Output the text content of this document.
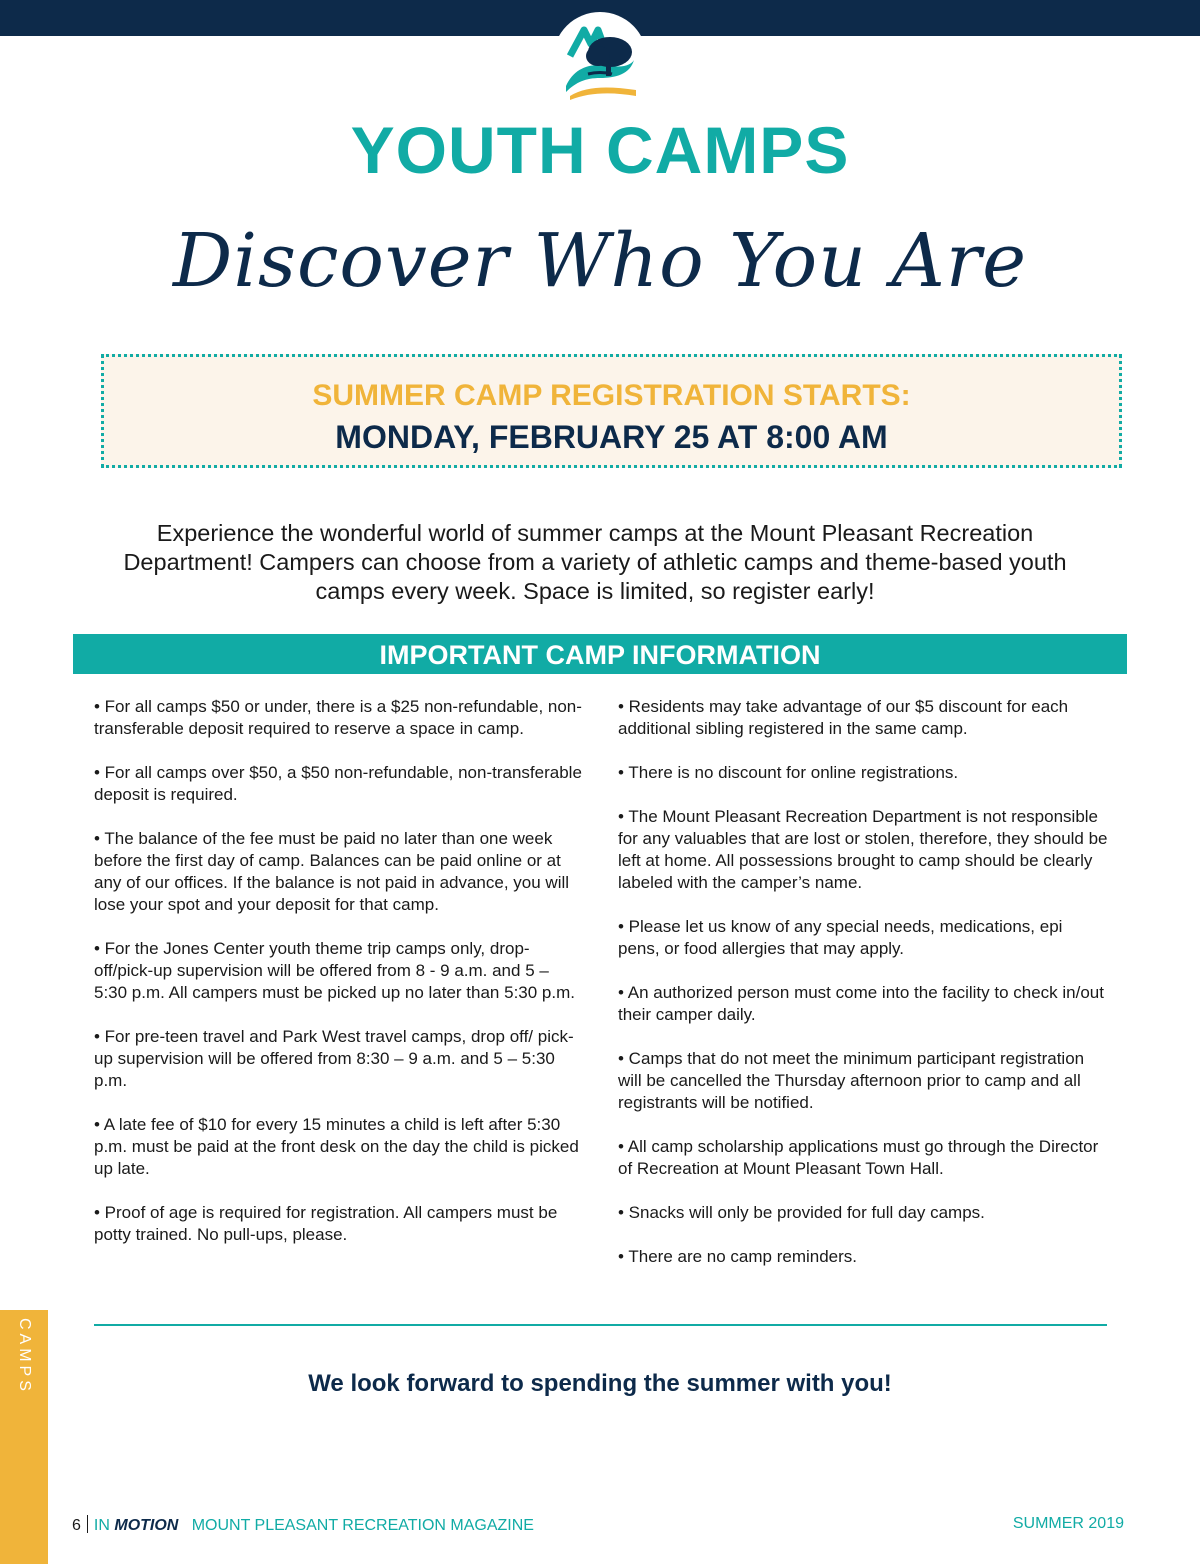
YOUTH CAMPS
Discover Who You Are
SUMMER CAMP REGISTRATION STARTS:
MONDAY, FEBRUARY 25 AT 8:00 AM
Experience the wonderful world of summer camps at the Mount Pleasant Recreation Department! Campers can choose from a variety of athletic camps and theme-based youth camps every week. Space is limited, so register early!
IMPORTANT CAMP INFORMATION

• For all camps $50 or under, there is a $25 non-refundable, non-transferable deposit required to reserve a space in camp.

• For all camps over $50, a $50 non-refundable, non-transferable deposit is required.

• The balance of the fee must be paid no later than one week before the first day of camp. Balances can be paid online or at any of our offices. If the balance is not paid in advance, you will lose your spot and your deposit for that camp.

• For the Jones Center youth theme trip camps only, drop-off/pick-up supervision will be offered from 8 - 9 a.m. and 5 – 5:30 p.m. All campers must be picked up no later than 5:30 p.m.

• For pre-teen travel and Park West travel camps, drop off/ pick-up supervision will be offered from 8:30 – 9 a.m. and 5 – 5:30 p.m.

• A late fee of $10 for every 15 minutes a child is left after 5:30 p.m. must be paid at the front desk on the day the child is picked up late.

• Proof of age is required for registration. All campers must be potty trained. No pull-ups, please.

• Residents may take advantage of our $5 discount for each additional sibling registered in the same camp.

• There is no discount for online registrations.

• The Mount Pleasant Recreation Department is not responsible for any valuables that are lost or stolen, therefore, they should be left at home. All possessions brought to camp should be clearly labeled with the camper’s name.

• Please let us know of any special needs, medications, epi pens, or food allergies that may apply.

• An authorized person must come into the facility to check in/out their camper daily.

• Camps that do not meet the minimum participant registration will be cancelled the Thursday afternoon prior to camp and all registrants will be notified.

• All camp scholarship applications must go through the Director of Recreation at Mount Pleasant Town Hall.

• Snacks will only be provided for full day camps.

• There are no camp reminders.

We look forward to spending the summer with you!
CAMPS
6 IN MOTION MOUNT PLEASANT RECREATION MAGAZINE	SUMMER 2019
